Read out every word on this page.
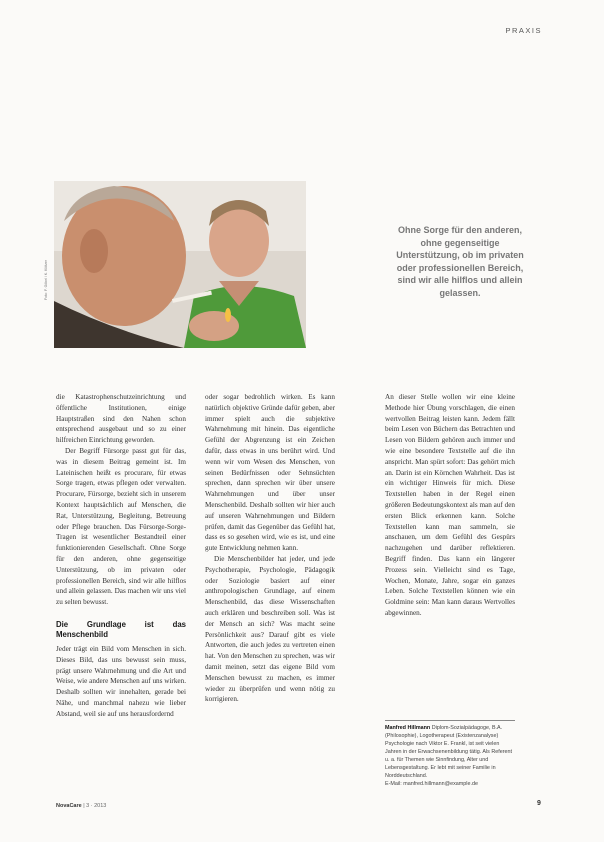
PRAXIS
Foto: F. Göbel / K. Klötzer
Ohne Sorge für den anderen, ohne gegenseitige Unterstützung, ob im privaten oder professionellen Bereich, sind wir alle hilflos und allein gelassen.

die Katastrophenschutzeinrichtung und öffentliche Institutionen, einige Hauptstraßen sind den Nahen schon entsprechend ausgebaut und so zu einer hilfreichen Einrichtung geworden.

Der Begriff Fürsorge passt gut für das, was in diesem Beitrag gemeint ist. Im Lateinischen heißt es procurare, für etwas Sorge tragen, etwas pflegen oder verwalten. Procurare, Fürsorge, bezieht sich in unserem Kontext hauptsächlich auf Menschen, die Rat, Unterstützung, Begleitung, Betreuung oder Pflege brauchen. Das Fürsorge-Sorge-Tragen ist wesentlicher Bestandteil einer funktionierenden Gesellschaft. Ohne Sorge für den anderen, ohne gegenseitige Unterstützung, ob im privaten oder professionellen Bereich, sind wir alle hilflos und allein gelassen. Das machen wir uns viel zu selten bewusst.

Die Grundlage ist das Menschenbild

Jeder trägt ein Bild vom Menschen in sich. Dieses Bild, das uns bewusst sein muss, prägt unsere Wahrnehmung und die Art und Weise, wie andere Menschen auf uns wirken. Deshalb sollten wir innehalten, gerade bei Nähe, und manchmal nahezu wie lieber Abstand, weil sie auf uns herausfordernd

oder sogar bedrohlich wirken. Es kann natürlich objektive Gründe dafür geben, aber immer spielt auch die subjektive Wahrnehmung mit hinein. Das eigentliche Gefühl der Abgrenzung ist ein Zeichen dafür, dass etwas in uns berührt wird. Und wenn wir vom Wesen des Menschen, von seinen Bedürfnissen oder Sehnsüchten sprechen, dann sprechen wir über unsere Wahrnehmungen und über unser Menschenbild. Deshalb sollten wir hier auch auf unseren Wahrnehmungen und Bildern prüfen, damit das Gegenüber das Gefühl hat, dass es so gesehen wird, wie es ist, und eine gute Entwicklung nehmen kann.

Die Menschenbilder hat jeder, und jede Psychotherapie, Psychologie, Pädagogik oder Soziologie basiert auf einer anthropologischen Grundlage, auf einem Menschenbild, das diese Wissenschaften auch erklären und beschreiben soll. Was ist der Mensch an sich? Was macht seine Persönlichkeit aus? Darauf gibt es viele Antworten, die auch jedes zu vertreten einen hat. Von den Menschen zu sprechen, was wir damit meinen, setzt das eigene Bild vom Menschen bewusst zu machen, es immer wieder zu überprüfen und wenn nötig zu korrigieren.

An dieser Stelle wollen wir eine kleine Methode hier Übung vorschlagen, die einen wertvollen Beitrag leisten kann. Jedem fällt beim Lesen von Büchern das Betrachten und Lesen von Bildern gehören auch immer und wie eine besondere Textstelle auf die ihn anspricht. Man spürt sofort: Das gehört mich an. Darin ist ein Körnchen Wahrheit. Das ist ein wichtiger Hinweis für mich. Diese Textstellen haben in der Regel einen größeren Bedeutungskontext als man auf den ersten Blick erkennen kann. Solche Textstellen kann man sammeln, sie anschauen, um dem Gefühl des Gespürs nachzugehen und darüber reflektieren. Begriff finden. Das kann ein längerer Prozess sein. Vielleicht sind es Tage, Wochen, Monate, Jahre, sogar ein ganzes Leben. Solche Textstellen können wie ein Goldmine sein: Man kann daraus Wertvolles abgewinnen.

Manfred Hillmann Diplom-Sozialpädagoge, B.A. (Philosophie), Logotherapeut (Existenzanalyse) Psychologie nach Viktor E. Frankl, ist seit vielen Jahren in der Erwachsenenbildung tätig. Als Referent u. a. für Themen wie Sinnfindung, Alter und Lebensgestaltung. Er lebt mit seiner Familie in Norddeutschland.
E-Mail: manfred.hillmann@example.de
NovaCare | 3 · 2013	9
